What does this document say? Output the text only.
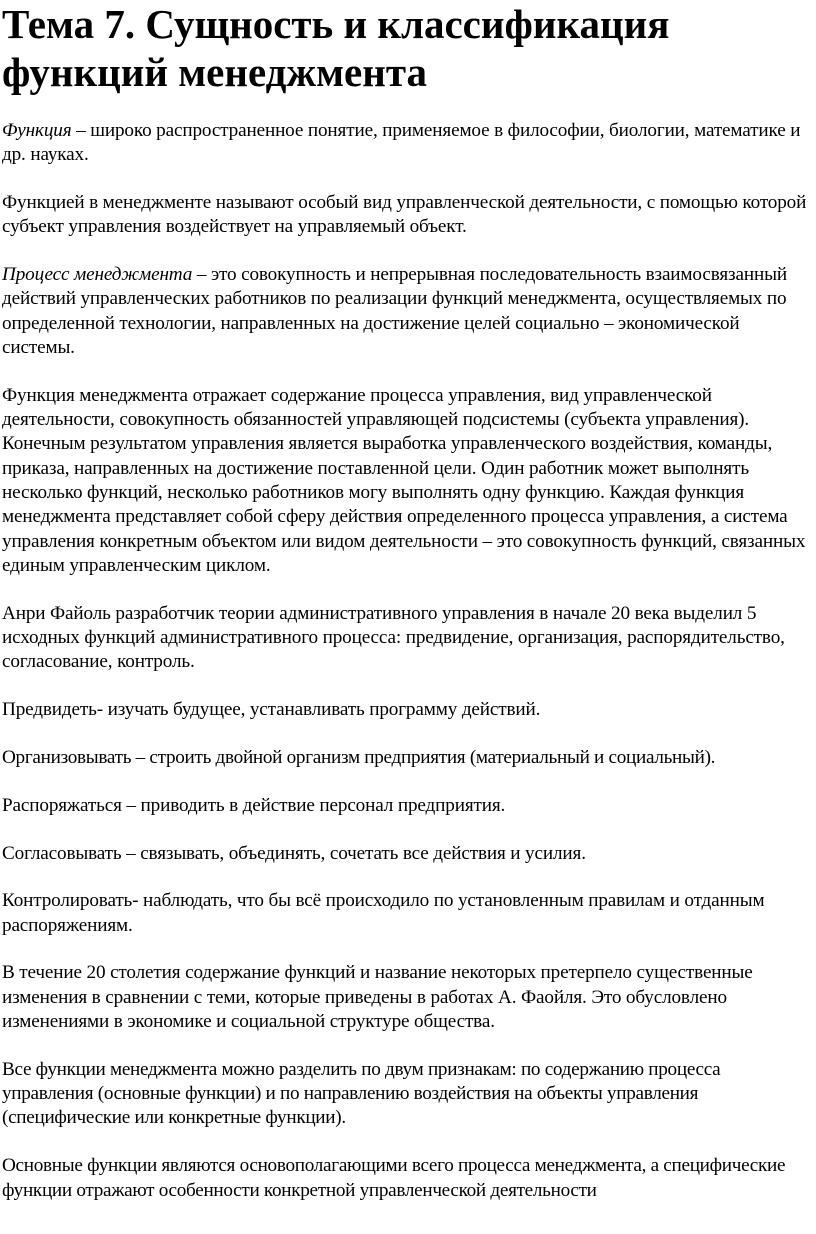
Тема 7. Сущность и классификация функций менеджмента

Функция – широко распространенное понятие, применяемое в философии, биологии, математике и др. науках.

Функцией в менеджменте называют особый вид управленческой деятельности, с помощью которой субъект управления воздействует на управляемый объект.

Процесс менеджмента – это совокупность и непрерывная последовательность взаимосвязанный действий управленческих работников по реализации функций менеджмента, осуществляемых по определенной технологии, направленных на достижение целей социально – экономической системы.

Функция менеджмента отражает содержание процесса управления, вид управленческой деятельности, совокупность обязанностей управляющей подсистемы (субъекта управления). Конечным результатом управления является выработка управленческого воздействия, команды, приказа, направленных на достижение поставленной цели. Один работник может выполнять несколько функций, несколько работников могу выполнять одну функцию. Каждая функция менеджмента представляет собой сферу действия определенного процесса управления, а система управления конкретным объектом или видом деятельности – это совокупность функций, связанных единым управленческим циклом.

Анри Файоль разработчик теории административного управления в начале 20 века выделил 5 исходных функций административного процесса: предвидение, организация, распорядительство, согласование, контроль.

Предвидеть- изучать будущее, устанавливать программу действий.

Организовывать – строить двойной организм предприятия (материальный и социальный).

Распоряжаться – приводить в действие персонал предприятия.

Согласовывать – связывать, объединять, сочетать все действия и усилия.

Контролировать- наблюдать, что бы всё происходило по установленным правилам и отданным распоряжениям.

В течение 20 столетия содержание функций и название некоторых претерпело существенные изменения в сравнении с теми, которые приведены в работах А. Фаойля. Это обусловлено изменениями в экономике и социальной структуре общества.

Все функции менеджмента можно разделить по двум признакам: по содержанию процесса управления (основные функции) и по направлению воздействия на объекты управления (специфические или конкретные функции).

Основные функции являются основополагающими всего процесса менеджмента, а специфические функции отражают особенности конкретной управленческой деятельности
